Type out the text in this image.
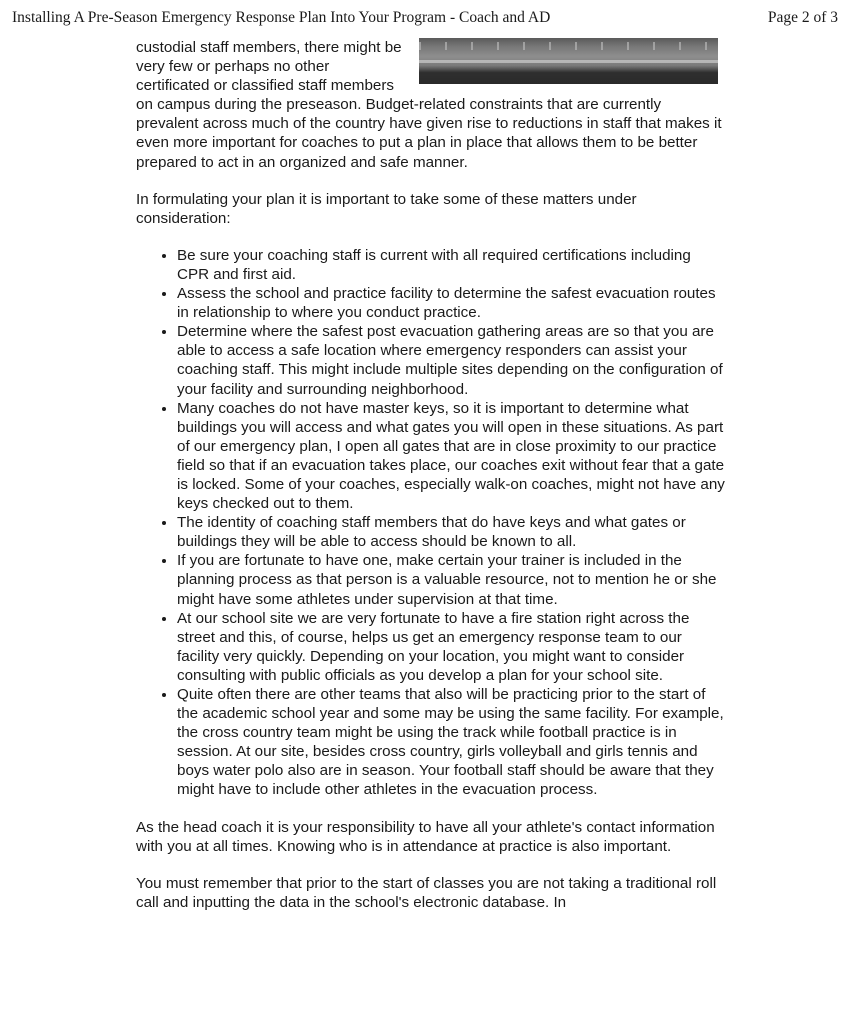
Installing A Pre-Season Emergency Response Plan Into Your Program - Coach and AD	Page 2 of 3

custodial staff members, there might be very few or perhaps no other certificated or classified staff members on campus during the preseason. Budget-related constraints that are currently prevalent across much of the country have given rise to reductions in staff that makes it even more important for coaches to put a plan in place that allows them to be better prepared to act in an organized and safe manner.

In formulating your plan it is important to take some of these matters under consideration:

• Be sure your coaching staff is current with all required certifications including CPR and first aid.
• Assess the school and practice facility to determine the safest evacuation routes in relationship to where you conduct practice.
• Determine where the safest post evacuation gathering areas are so that you are able to access a safe location where emergency responders can assist your coaching staff. This might include multiple sites depending on the configuration of your facility and surrounding neighborhood.
• Many coaches do not have master keys, so it is important to determine what buildings you will access and what gates you will open in these situations. As part of our emergency plan, I open all gates that are in close proximity to our practice field so that if an evacuation takes place, our coaches exit without fear that a gate is locked. Some of your coaches, especially walk-on coaches, might not have any keys checked out to them.
• The identity of coaching staff members that do have keys and what gates or buildings they will be able to access should be known to all.
• If you are fortunate to have one, make certain your trainer is included in the planning process as that person is a valuable resource, not to mention he or she might have some athletes under supervision at that time.
• At our school site we are very fortunate to have a fire station right across the street and this, of course, helps us get an emergency response team to our facility very quickly. Depending on your location, you might want to consider consulting with public officials as you develop a plan for your school site.
• Quite often there are other teams that also will be practicing prior to the start of the academic school year and some may be using the same facility. For example, the cross country team might be using the track while football practice is in session. At our site, besides cross country, girls volleyball and girls tennis and boys water polo also are in season. Your football staff should be aware that they might have to include other athletes in the evacuation process.

As the head coach it is your responsibility to have all your athlete's contact information with you at all times. Knowing who is in attendance at practice is also important.

You must remember that prior to the start of classes you are not taking a traditional roll call and inputting the data in the school's electronic database. In
